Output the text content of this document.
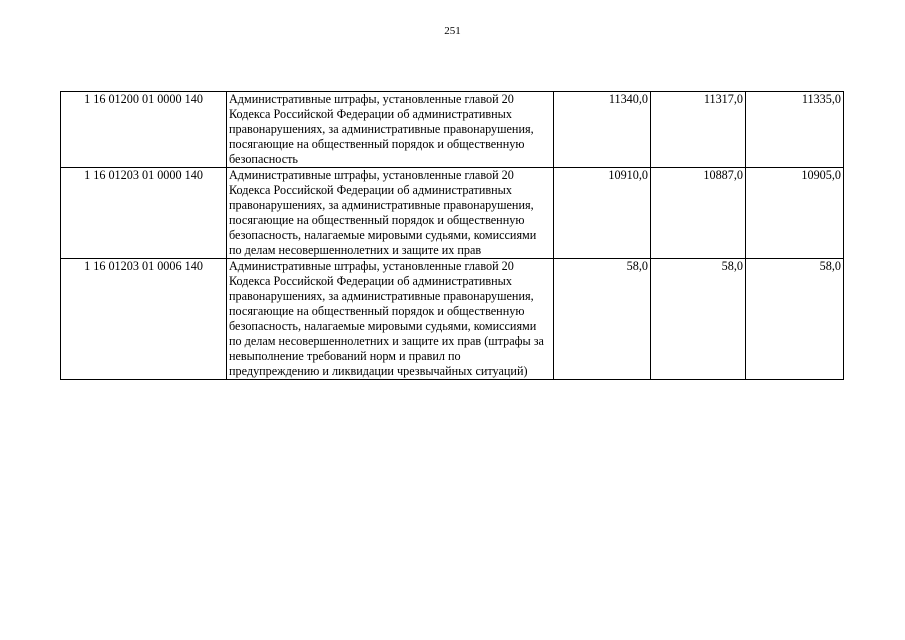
251
1 16 01200 01 0000 140	Административные штрафы, установленные главой 20 Кодекса Российской Федерации об административных правонарушениях, за административные правонарушения, посягающие на общественный порядок и общественную безопасность	11340,0	11317,0	11335,0
1 16 01203 01 0000 140	Административные штрафы, установленные главой 20 Кодекса Российской Федерации об административных правонарушениях, за административные правонарушения, посягающие на общественный порядок и общественную безопасность, налагаемые мировыми судьями, комиссиями по делам несовершеннолетних и защите их прав	10910,0	10887,0	10905,0
1 16 01203 01 0006 140	Административные штрафы, установленные главой 20 Кодекса Российской Федерации об административных правонарушениях, за административные правонарушения, посягающие на общественный порядок и общественную безопасность, налагаемые мировыми судьями, комиссиями по делам несовершеннолетних и защите их прав (штрафы за невыполнение требований норм и правил по предупреждению и ликвидации чрезвычайных ситуаций)	58,0	58,0	58,0
